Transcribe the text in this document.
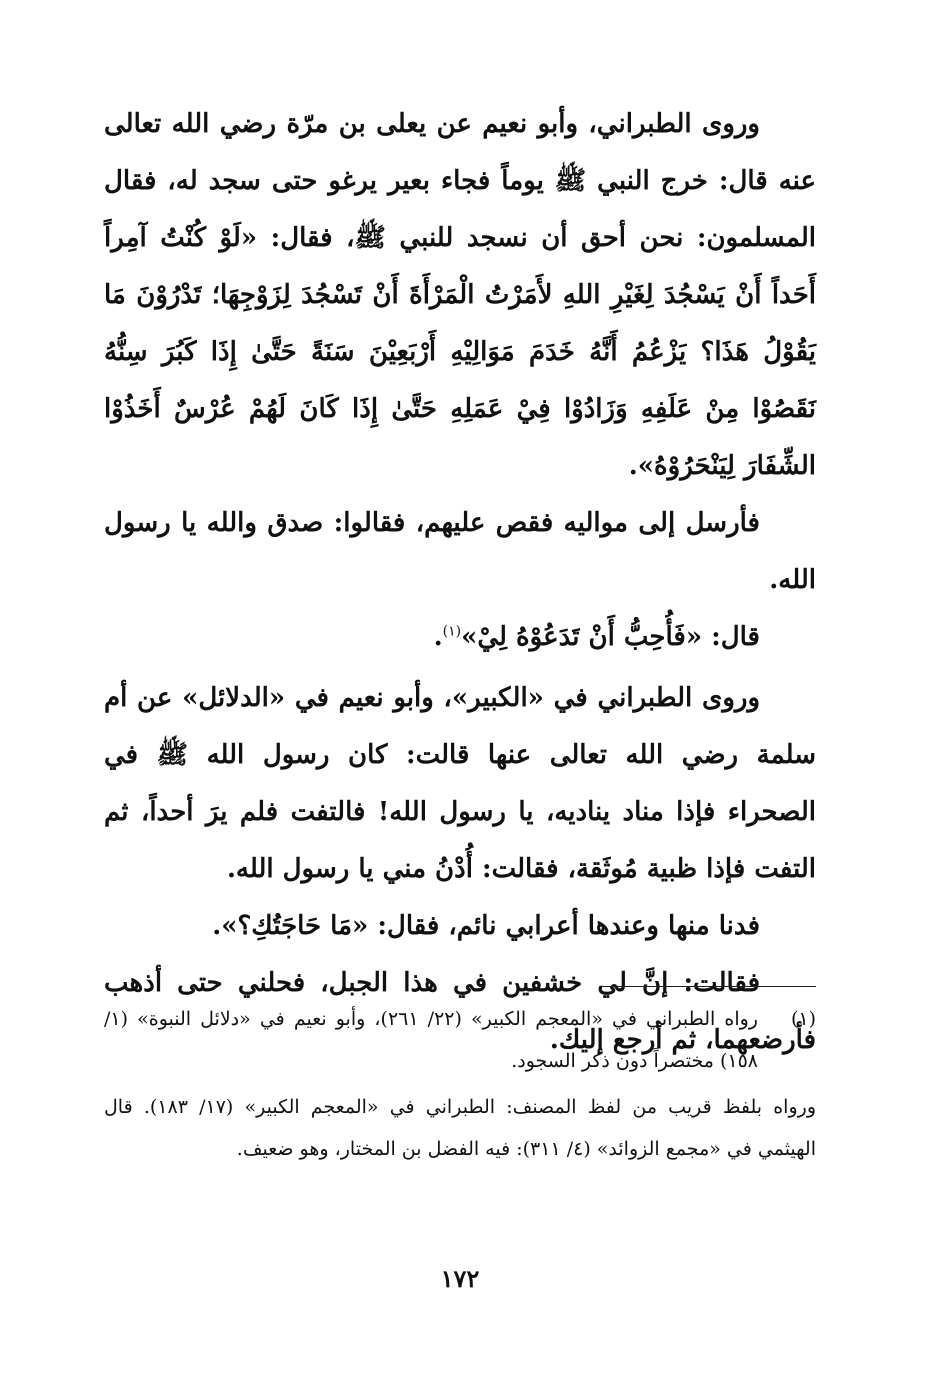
وروى الطبراني، وأبو نعيم عن يعلى بن مرّة رضي الله تعالى عنه قال: خرج النبي ﷺ يوماً فجاء بعير يرغو حتى سجد له، فقال المسلمون: نحن أحق أن نسجد للنبي ﷺ، فقال: «لَوْ كُنْتُ آمِراً أَحَداً أَنْ يَسْجُدَ لِغَيْرِ اللهِ لأَمَرْتُ الْمَرْأَةَ أَنْ تَسْجُدَ لِزَوْجِهَا؛ تَدْرُوْنَ مَا يَقُوْلُ هَذَا؟ يَزْعُمُ أَنَّهُ خَدَمَ مَوَالِيْهِ أَرْبَعِيْنَ سَنَةً حَتَّىٰ إِذَا كَبُرَ سِنُّهُ نَقَصُوْا مِنْ عَلَفِهِ وَزَادُوْا فِيْ عَمَلِهِ حَتَّىٰ إِذَا كَانَ لَهُمْ عُرْسٌ أَخَذُوْا الشِّفَارَ لِيَنْحَرُوْهُ».

فأرسل إلى مواليه فقص عليهم، فقالوا: صدق والله يا رسول الله.

قال: «فَأُحِبُّ أَنْ تَدَعُوْهُ لِيْ»$^{(١)}$.

وروى الطبراني في «الكبير»، وأبو نعيم في «الدلائل» عن أم سلمة رضي الله تعالى عنها قالت: كان رسول الله ﷺ في الصحراء فإذا مناد يناديه، يا رسول الله! فالتفت فلم يرَ أحداً، ثم التفت فإذا ظبية مُوثَقة، فقالت: أُدْنُ مني يا رسول الله.

فدنا منها وعندها أعرابي نائم، فقال: «مَا حَاجَتُكِ؟».

فقالت: إنَّ لي خشفين في هذا الجبل، فحلني حتى أذهب فأرضعهما، ثم أرجع إليك.

(١)

رواه الطبراني في «المعجم الكبير» (٢٢/ ٢٦١)، وأبو نعيم في «دلائل النبوة» (١/ ١٥٨) مختصراً دون ذكر السجود.

ورواه بلفظ قريب من لفظ المصنف: الطبراني في «المعجم الكبير» (١٧/ ١٨٣). قال الهيثمي في «مجمع الزوائد» (٤/ ٣١١): فيه الفضل بن المختار، وهو ضعيف.

١٧٢
